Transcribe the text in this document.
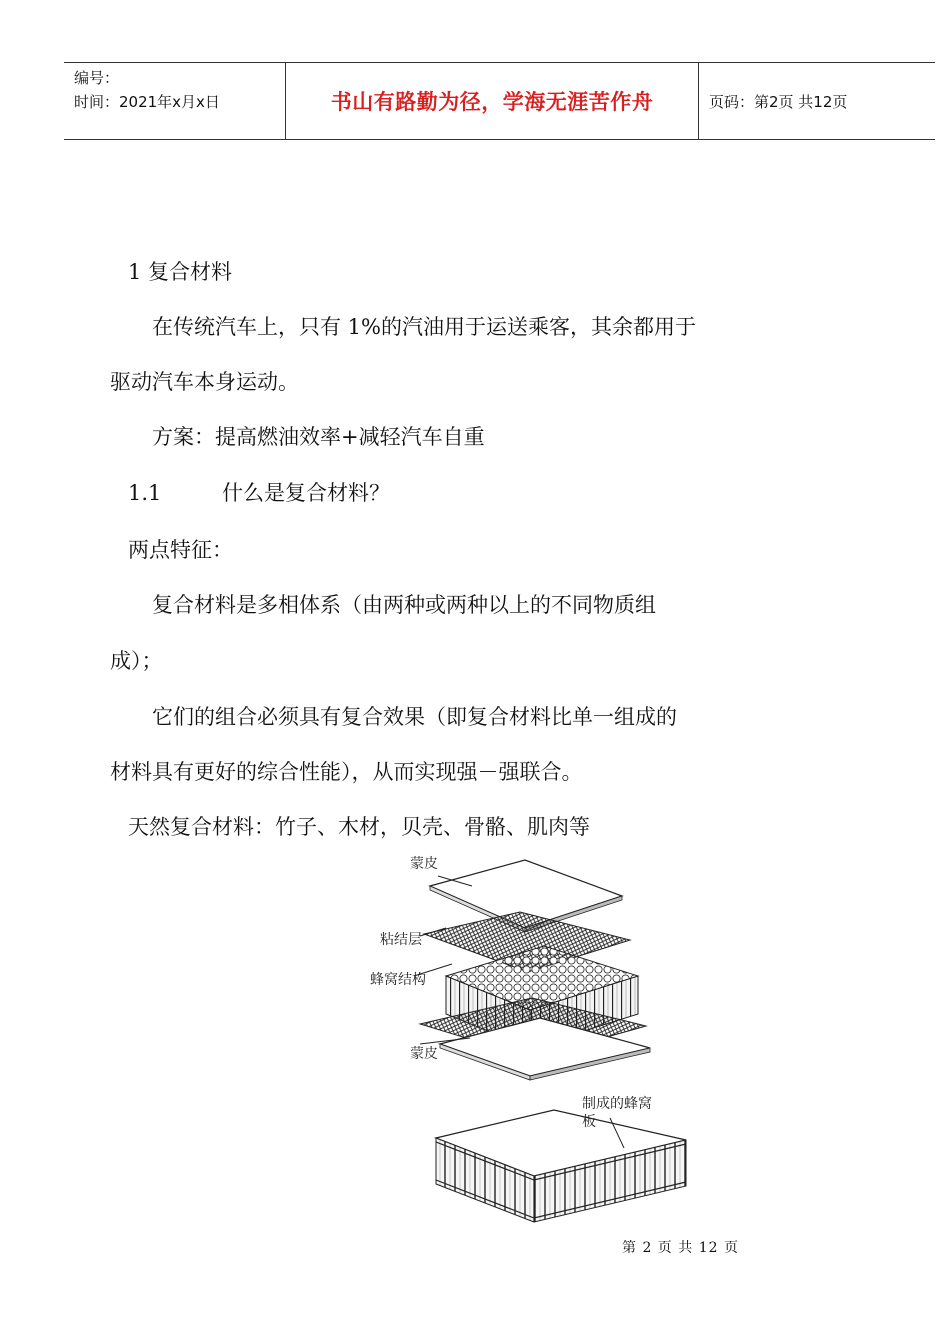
编号：
时间：2021年x月x日	书山有路勤为径，学海无涯苦作舟	页码：第2页 共12页
1 复合材料
在传统汽车上，只有 1%的汽油用于运送乘客，其余都用于
驱动汽车本身运动。
方案：提高燃油效率+减轻汽车自重
1.1	什么是复合材料？
两点特征：
复合材料是多相体系（由两种或两种以上的不同物质组
成）；
它们的组合必须具有复合效果（即复合材料比单一组成的
材料具有更好的综合性能），从而实现强－强联合。
天然复合材料：竹子、木材，贝壳、骨骼、肌肉等
蒙皮
粘结层
蜂窝结构
蒙皮
制成的蜂窝
板
第 2 页 共 12 页
